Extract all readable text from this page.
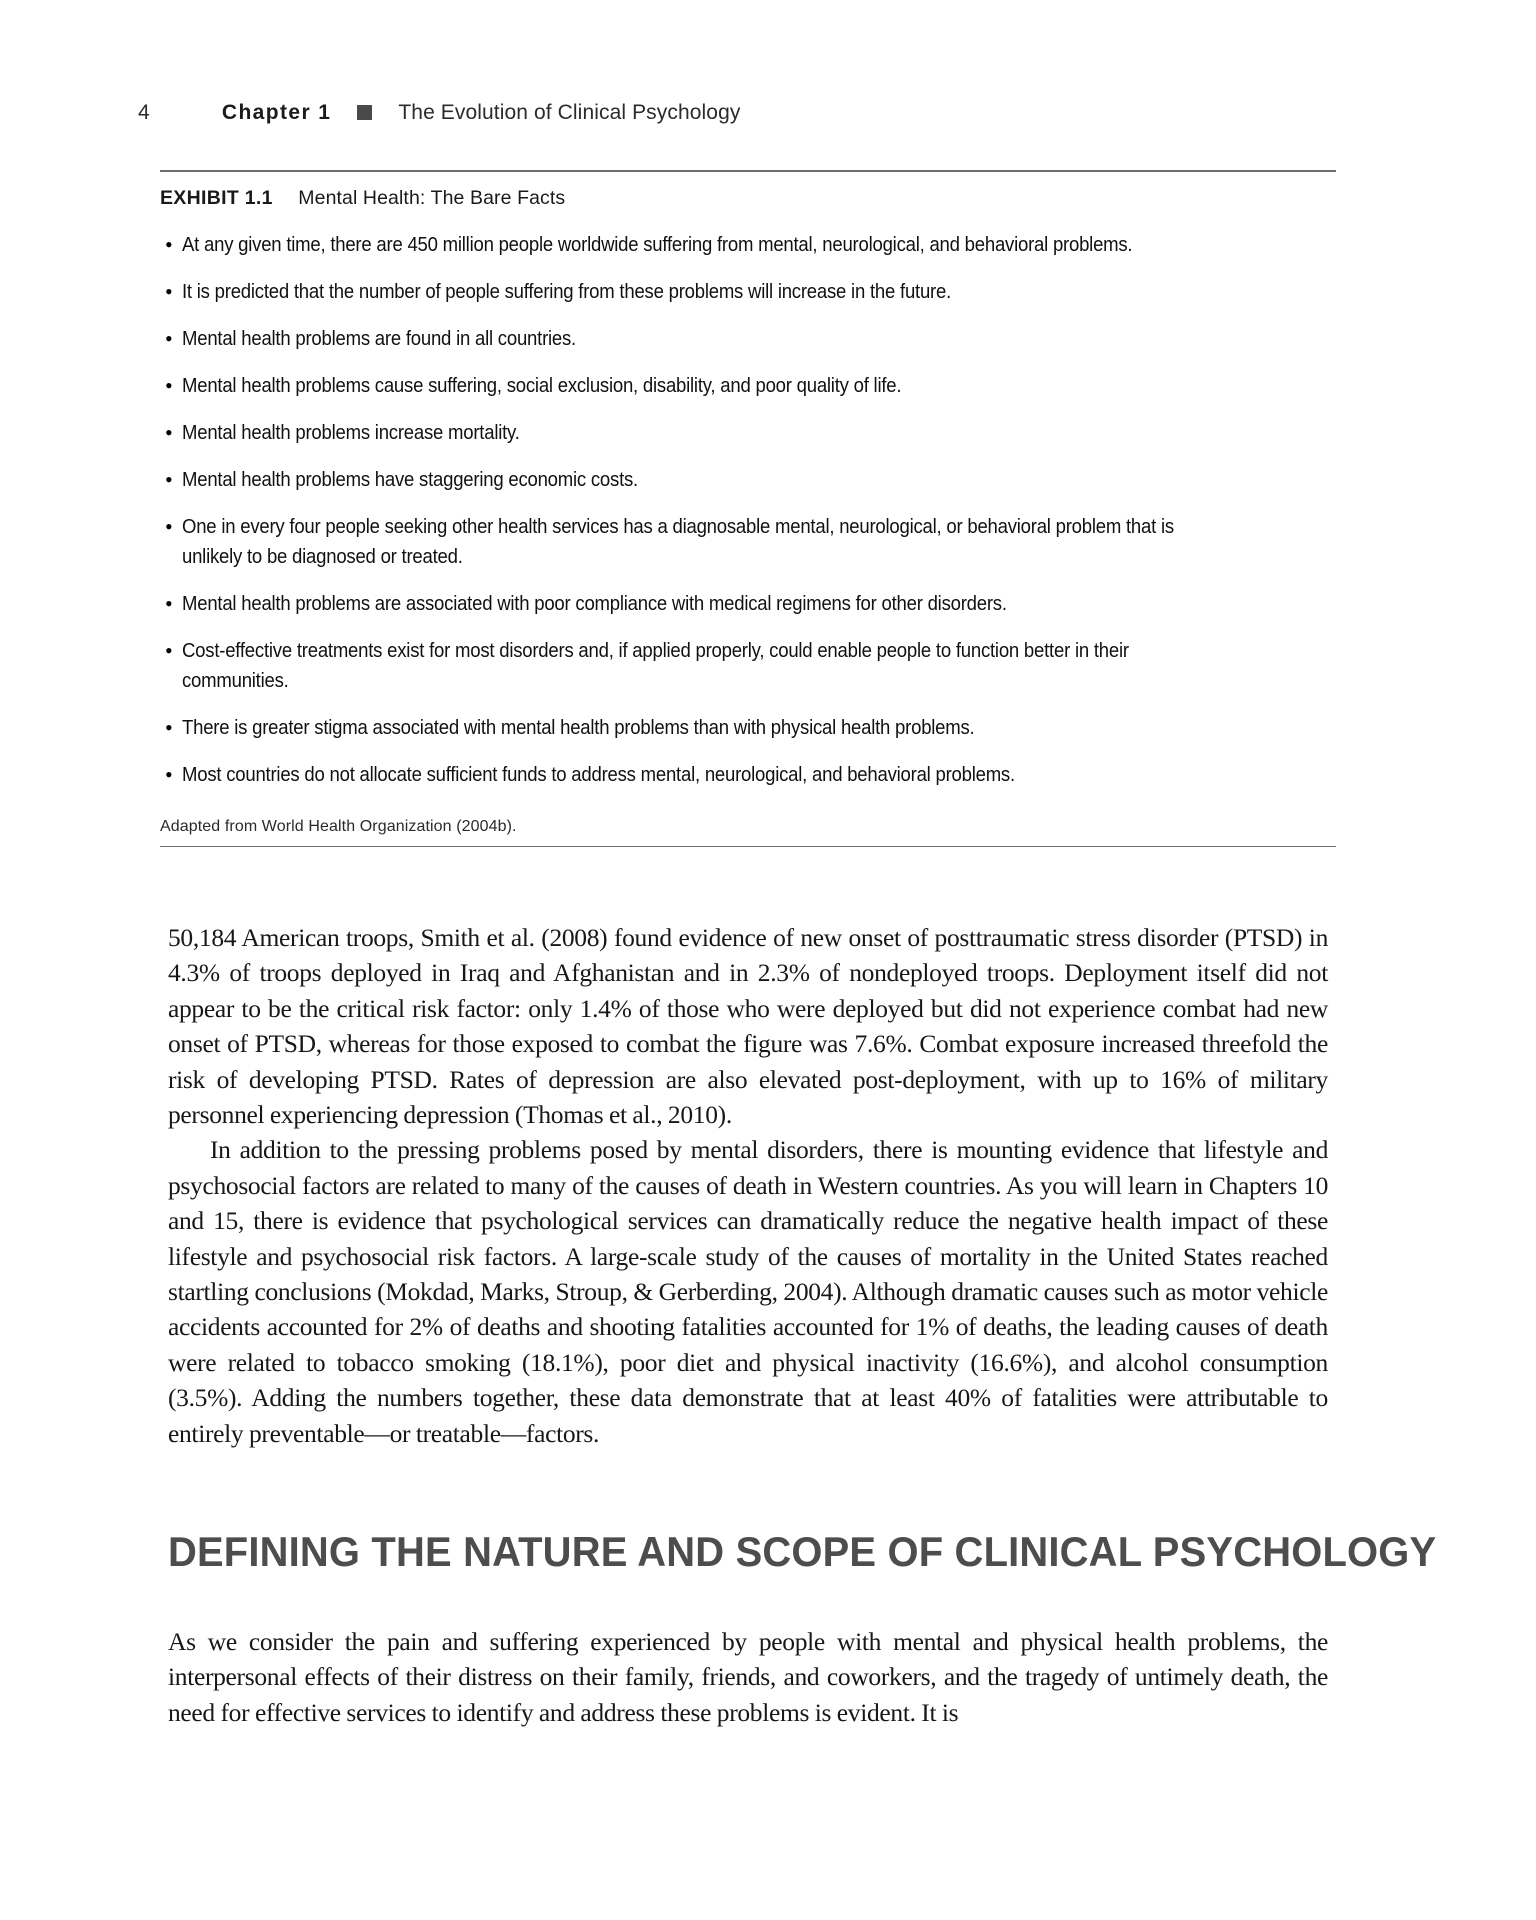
4	Chapter 1	The Evolution of Clinical Psychology
EXHIBIT 1.1 Mental Health: The Bare Facts
• At any given time, there are 450 million people worldwide suffering from mental, neurological, and behavioral problems.
• It is predicted that the number of people suffering from these problems will increase in the future.
• Mental health problems are found in all countries.
• Mental health problems cause suffering, social exclusion, disability, and poor quality of life.
• Mental health problems increase mortality.
• Mental health problems have staggering economic costs.
• One in every four people seeking other health services has a diagnosable mental, neurological, or behavioral problem that is unlikely to be diagnosed or treated.
• Mental health problems are associated with poor compliance with medical regimens for other disorders.
• Cost-effective treatments exist for most disorders and, if applied properly, could enable people to function better in their communities.
• There is greater stigma associated with mental health problems than with physical health problems.
• Most countries do not allocate sufficient funds to address mental, neurological, and behavioral problems.
Adapted from World Health Organization (2004b).

50,184 American troops, Smith et al. (2008) found evidence of new onset of posttraumatic stress disorder (PTSD) in 4.3% of troops deployed in Iraq and Afghanistan and in 2.3% of nondeployed troops. Deployment itself did not appear to be the critical risk factor: only 1.4% of those who were deployed but did not experience combat had new onset of PTSD, whereas for those exposed to combat the figure was 7.6%. Combat exposure increased threefold the risk of developing PTSD. Rates of depression are also elevated post-deployment, with up to 16% of military personnel experiencing depression (Thomas et al., 2010).

In addition to the pressing problems posed by mental disorders, there is mounting evidence that lifestyle and psychosocial factors are related to many of the causes of death in Western countries. As you will learn in Chapters 10 and 15, there is evidence that psychological services can dramatically reduce the negative health impact of these lifestyle and psychosocial risk factors. A large-scale study of the causes of mortality in the United States reached startling conclusions (Mokdad, Marks, Stroup, & Gerberding, 2004). Although dramatic causes such as motor vehicle accidents accounted for 2% of deaths and shooting fatalities accounted for 1% of deaths, the leading causes of death were related to tobacco smoking (18.1%), poor diet and physical inactivity (16.6%), and alcohol consumption (3.5%). Adding the numbers together, these data demonstrate that at least 40% of fatalities were attributable to entirely preventable—or treatable—factors.

DEFINING THE NATURE AND SCOPE OF CLINICAL PSYCHOLOGY

As we consider the pain and suffering experienced by people with mental and physical health problems, the interpersonal effects of their distress on their family, friends, and coworkers, and the tragedy of untimely death, the need for effective services to identify and address these problems is evident. It is
